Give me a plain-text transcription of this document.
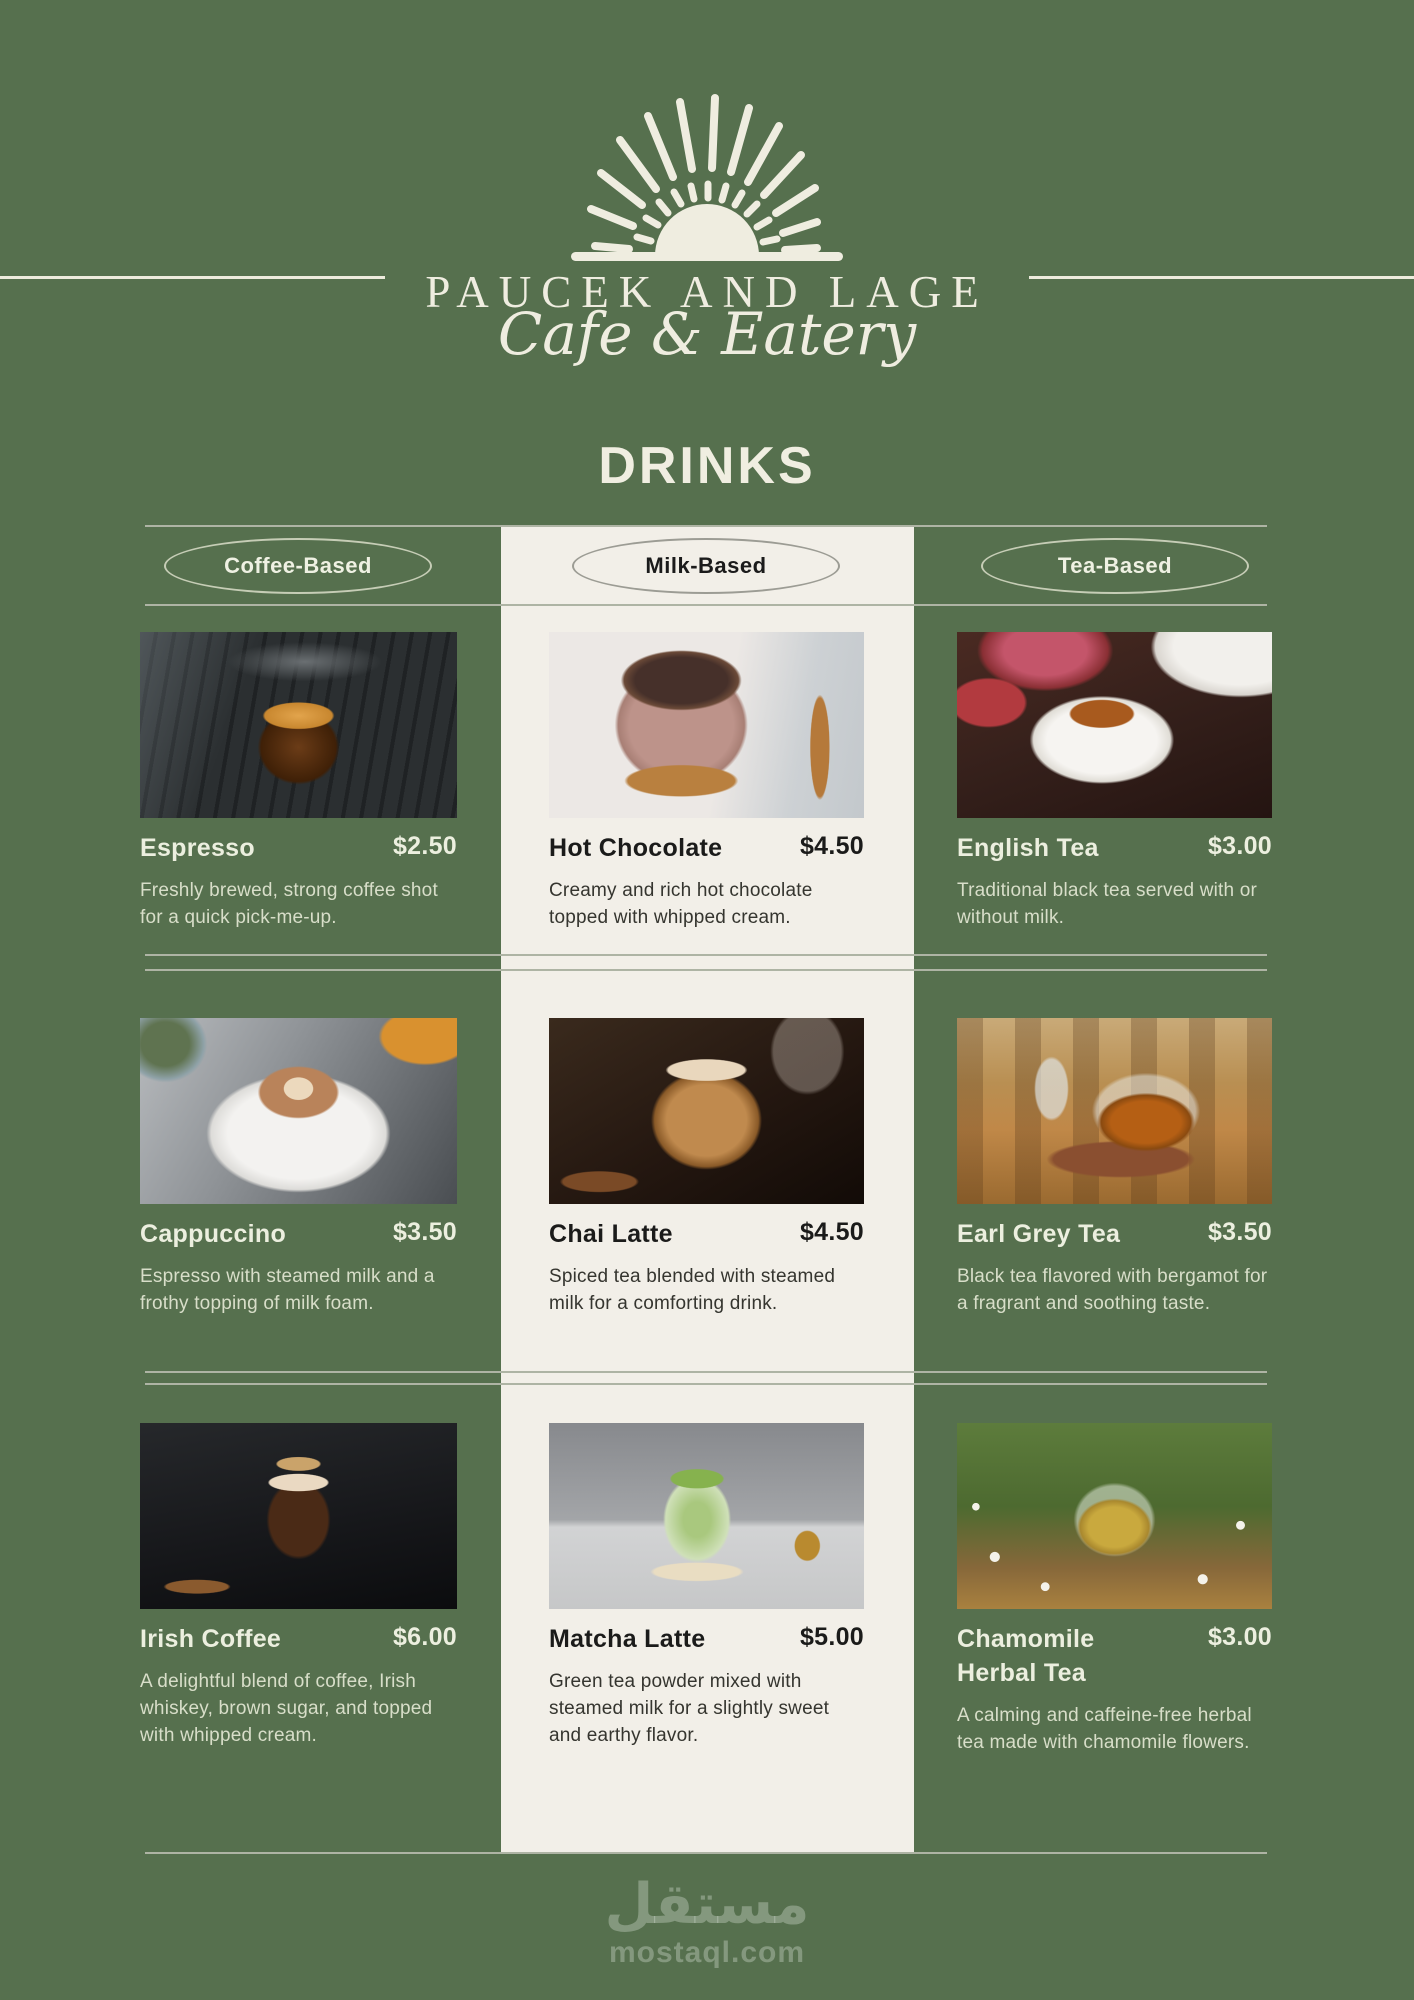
PAUCEK AND LAGE
Cafe & Eatery
DRINKS
Coffee-Based	Milk-Based	Tea-Based
Espresso	$2.50

Freshly brewed, strong coffee shot for a quick pick-me-up.

Hot Chocolate	$4.50

Creamy and rich hot chocolate topped with whipped cream.

English Tea	$3.00

Traditional black tea served with or without milk.

Cappuccino	$3.50

Espresso with steamed milk and a frothy topping of milk foam.

Chai Latte	$4.50

Spiced tea blended with steamed milk for a comforting drink.

Earl Grey Tea	$3.50

Black tea flavored with bergamot for a fragrant and soothing taste.

Irish Coffee	$6.00

A delightful blend of coffee, Irish whiskey, brown sugar, and topped with whipped cream.

Matcha Latte	$5.00

Green tea powder mixed with steamed milk for a slightly sweet and earthy flavor.

Chamomile Herbal Tea
$3.00

A calming and caffeine-free herbal tea made with chamomile flowers.

مستقل
mostaql.com
